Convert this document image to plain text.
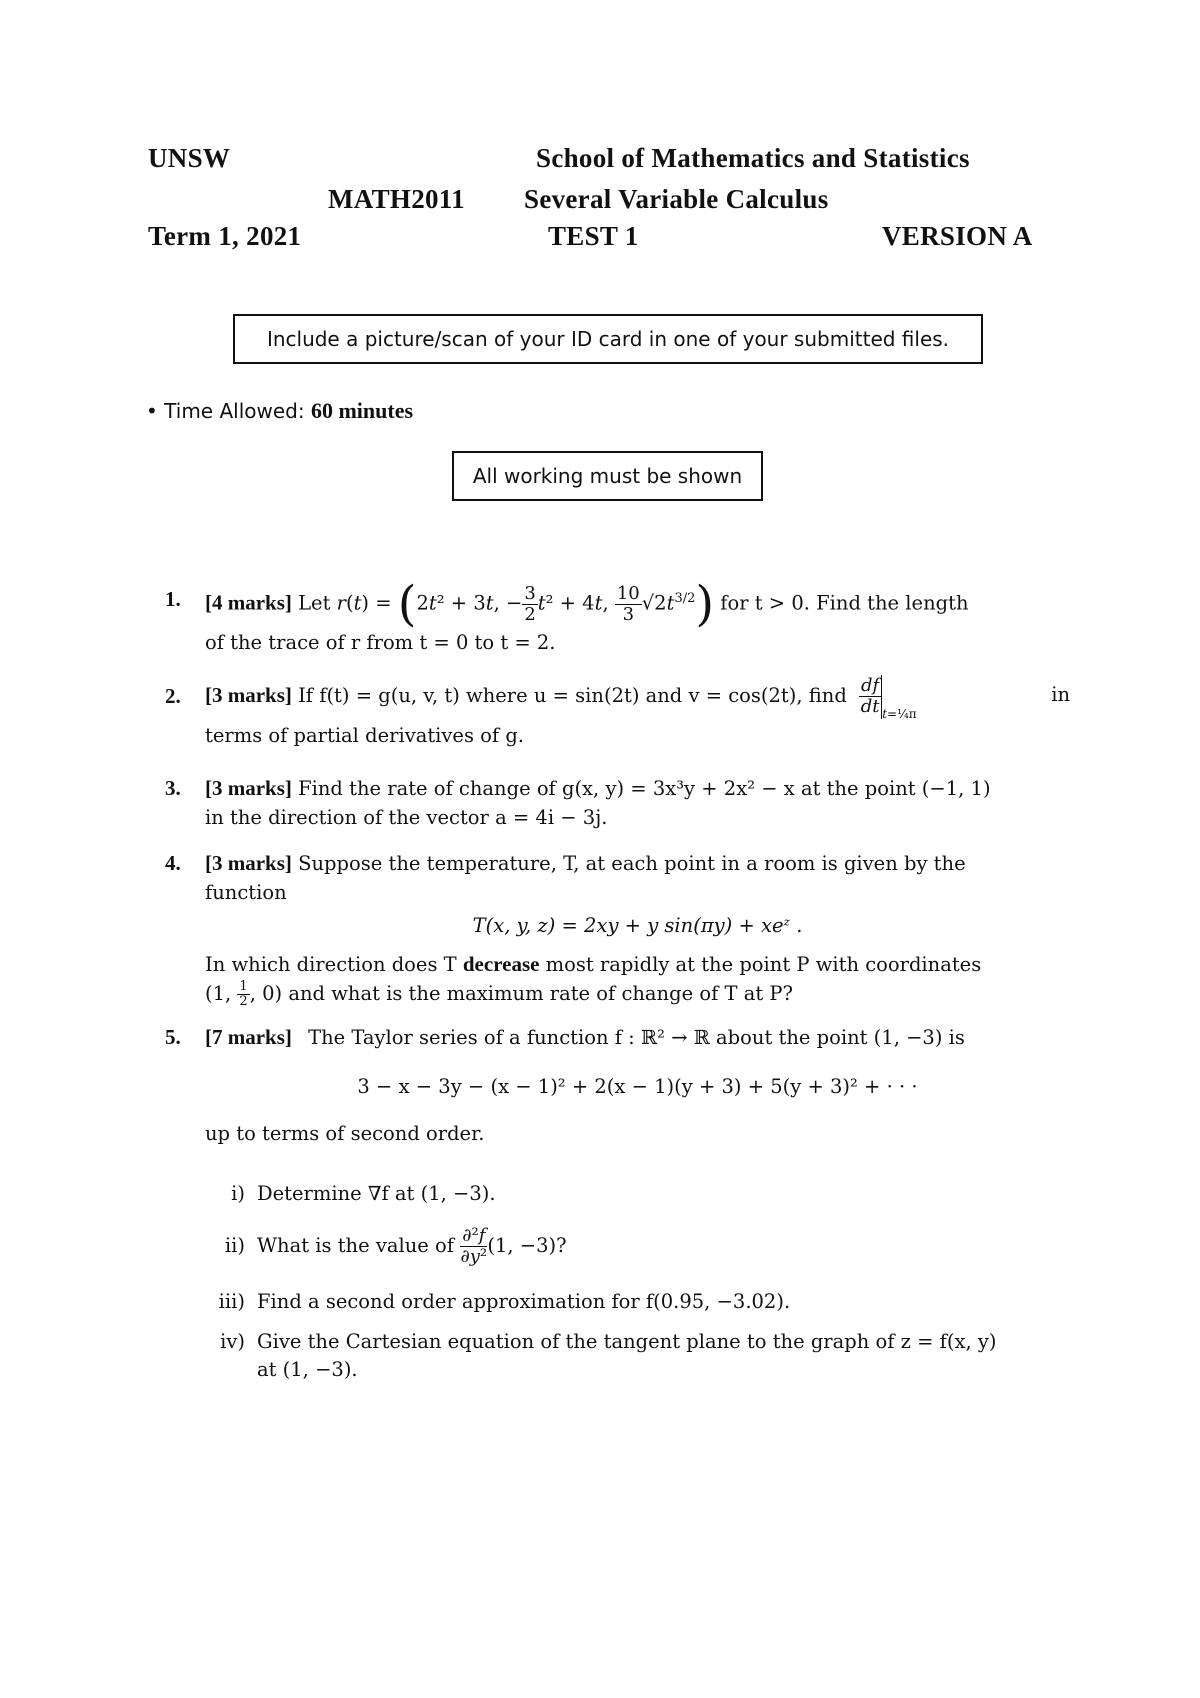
UNSW	School of Mathematics and Statistics
MATH2011 Several Variable Calculus
Term 1, 2021	TEST 1	VERSION A
Include a picture/scan of your ID card in one of your submitted files.
• Time Allowed: 60 minutes
All working must be shown
1. [4 marks] Let r(t) = (2t² + 3t, − $\frac{3}{2} t^2 + 4t$, $\frac{10}{3} √2t^{3/2}$) for t > 0. Find the length
of the trace of r from t = 0 to t = 2.
2. [3 marks] If f(t) = g(u, v, t) where u = sin(2t) and v = cos(2t), find $\frac{df}{dt} _{t=\frac{1}{4}\pi}$
in
terms of partial derivatives of g.
3. [3 marks] Find the rate of change of g(x, y) = 3x³y + 2x² − x at the point (−1, 1)
in the direction of the vector a = 4i − 3j.
4. [3 marks] Suppose the temperature, T, at each point in a room is given by the
function
T(x, y, z) = 2xy + y sin(πy) + xeᶻ .
In which direction does T decrease most rapidly at the point P with coordinates
(1, $\frac{1}{2}$ , 0) and what is the maximum rate of change of T at P?
5. [7 marks] The Taylor series of a function f : ℝ² → ℝ about the point (1, −3) is
3 − x − 3y − (x − 1)² + 2(x − 1)(y + 3) + 5(y + 3)² + · · ·
up to terms of second order.
i) Determine ∇f at (1, −3).
ii) What is the value of $\frac{\text{∂²f}}{\text{∂y²}} (1$, −3)?
iii) Find a second order approximation for f(0.95, −3.02).
iv) Give the Cartesian equation of the tangent plane to the graph of z = f(x, y)
at (1, −3).
